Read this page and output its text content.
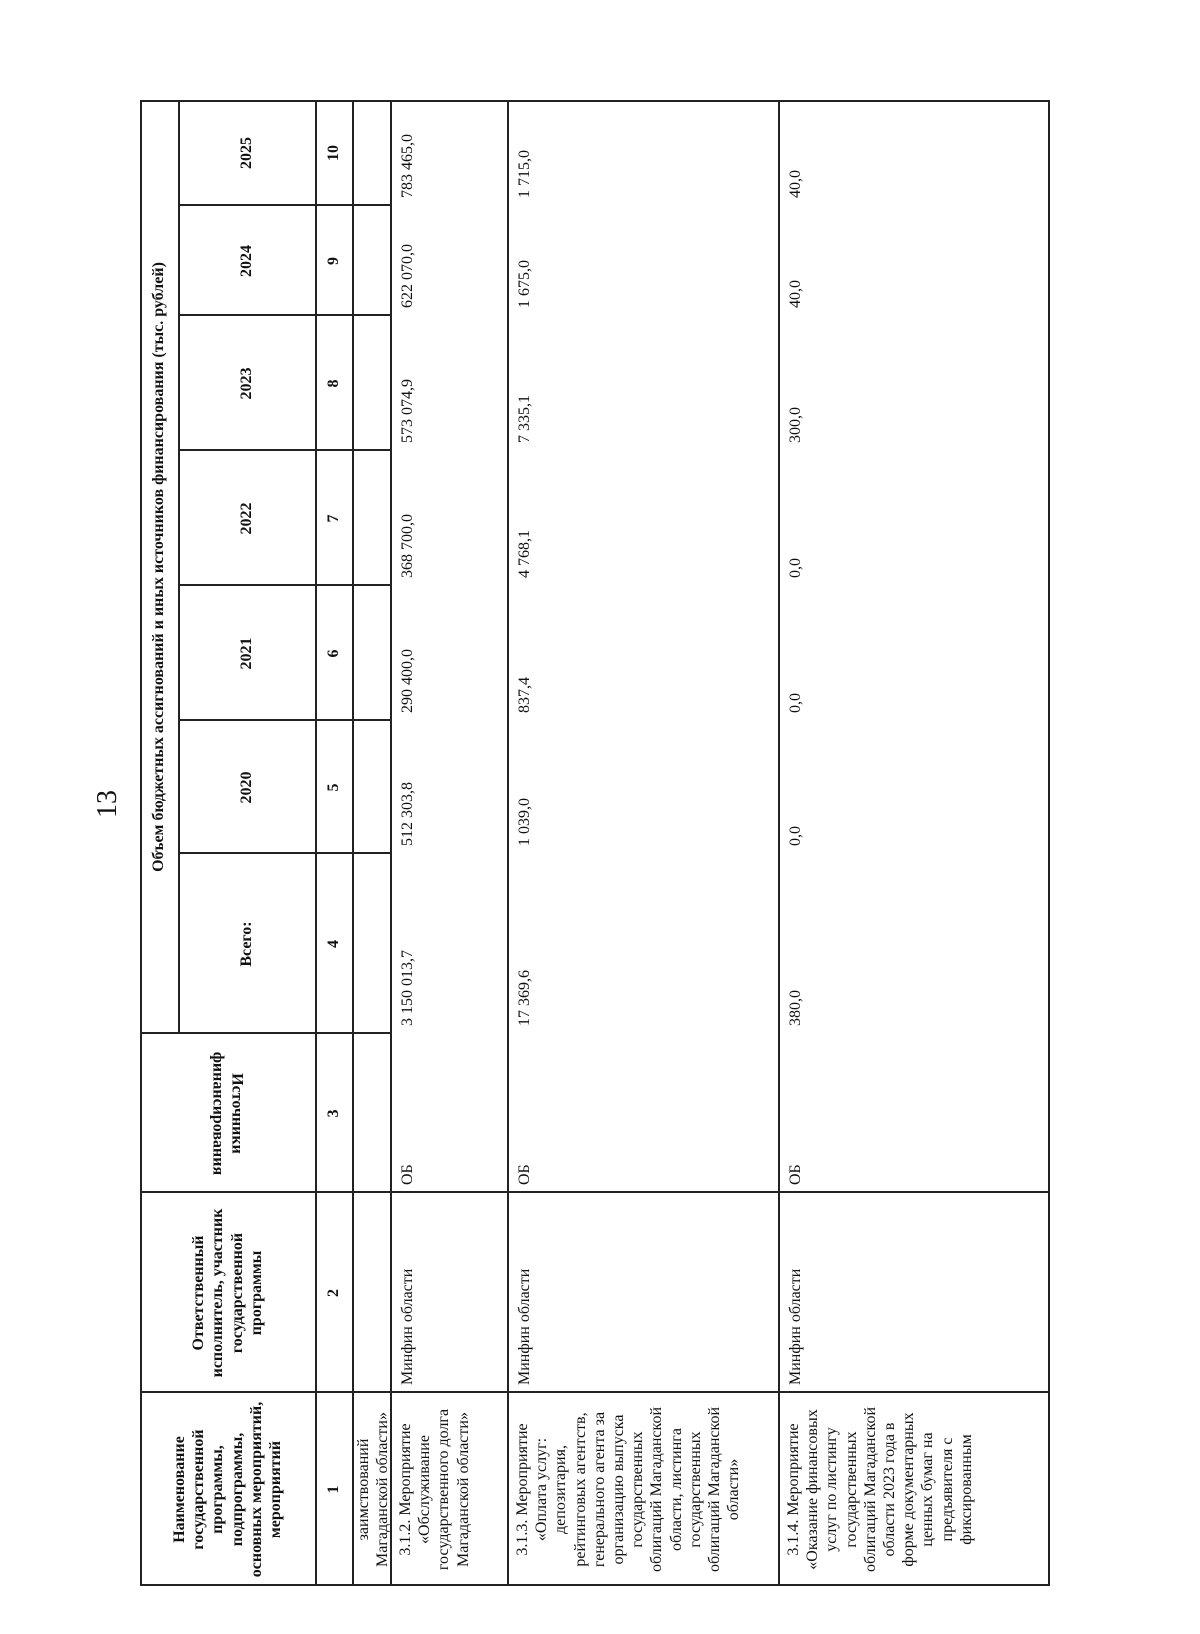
13
Наименование государственной программы, подпрограммы, основных мероприятий, мероприятий
Ответственный исполнитель, участник государственной программы
Источники финансирования
Объем бюджетных ассигнований и иных источников финансирования (тыс. рублей)
Всего:
2020
2021
2022
2023
2024
2025
1
2
3
4
5
6
7
8
9
10
заимствований Магаданской области» 3.1.2. Мероприятие «Обслуживание государственного долга Магаданской области»
Минфин области
ОБ
3 150 013,7
512 303,8
290 400,0
368 700,0
573 074,9
622 070,0
783 465,0
3.1.3. Мероприятие «Оплата услуг: депозитария, рейтинговых агентств, генерального агента за организацию выпуска государственных облигаций Магаданской области, листинга государственных облигаций Магаданской области»
Минфин области
ОБ
17 369,6
1 039,0
837,4
4 768,1
7 335,1
1 675,0
1 715,0
3.1.4. Мероприятие «Оказание финансовых услуг по листингу государственных облигаций Магаданской области 2023 года в форме документарных ценных бумаг на предъявителя с фиксированным
Минфин области
ОБ
380,0
0,0
0,0
0,0
300,0
40,0
40,0
